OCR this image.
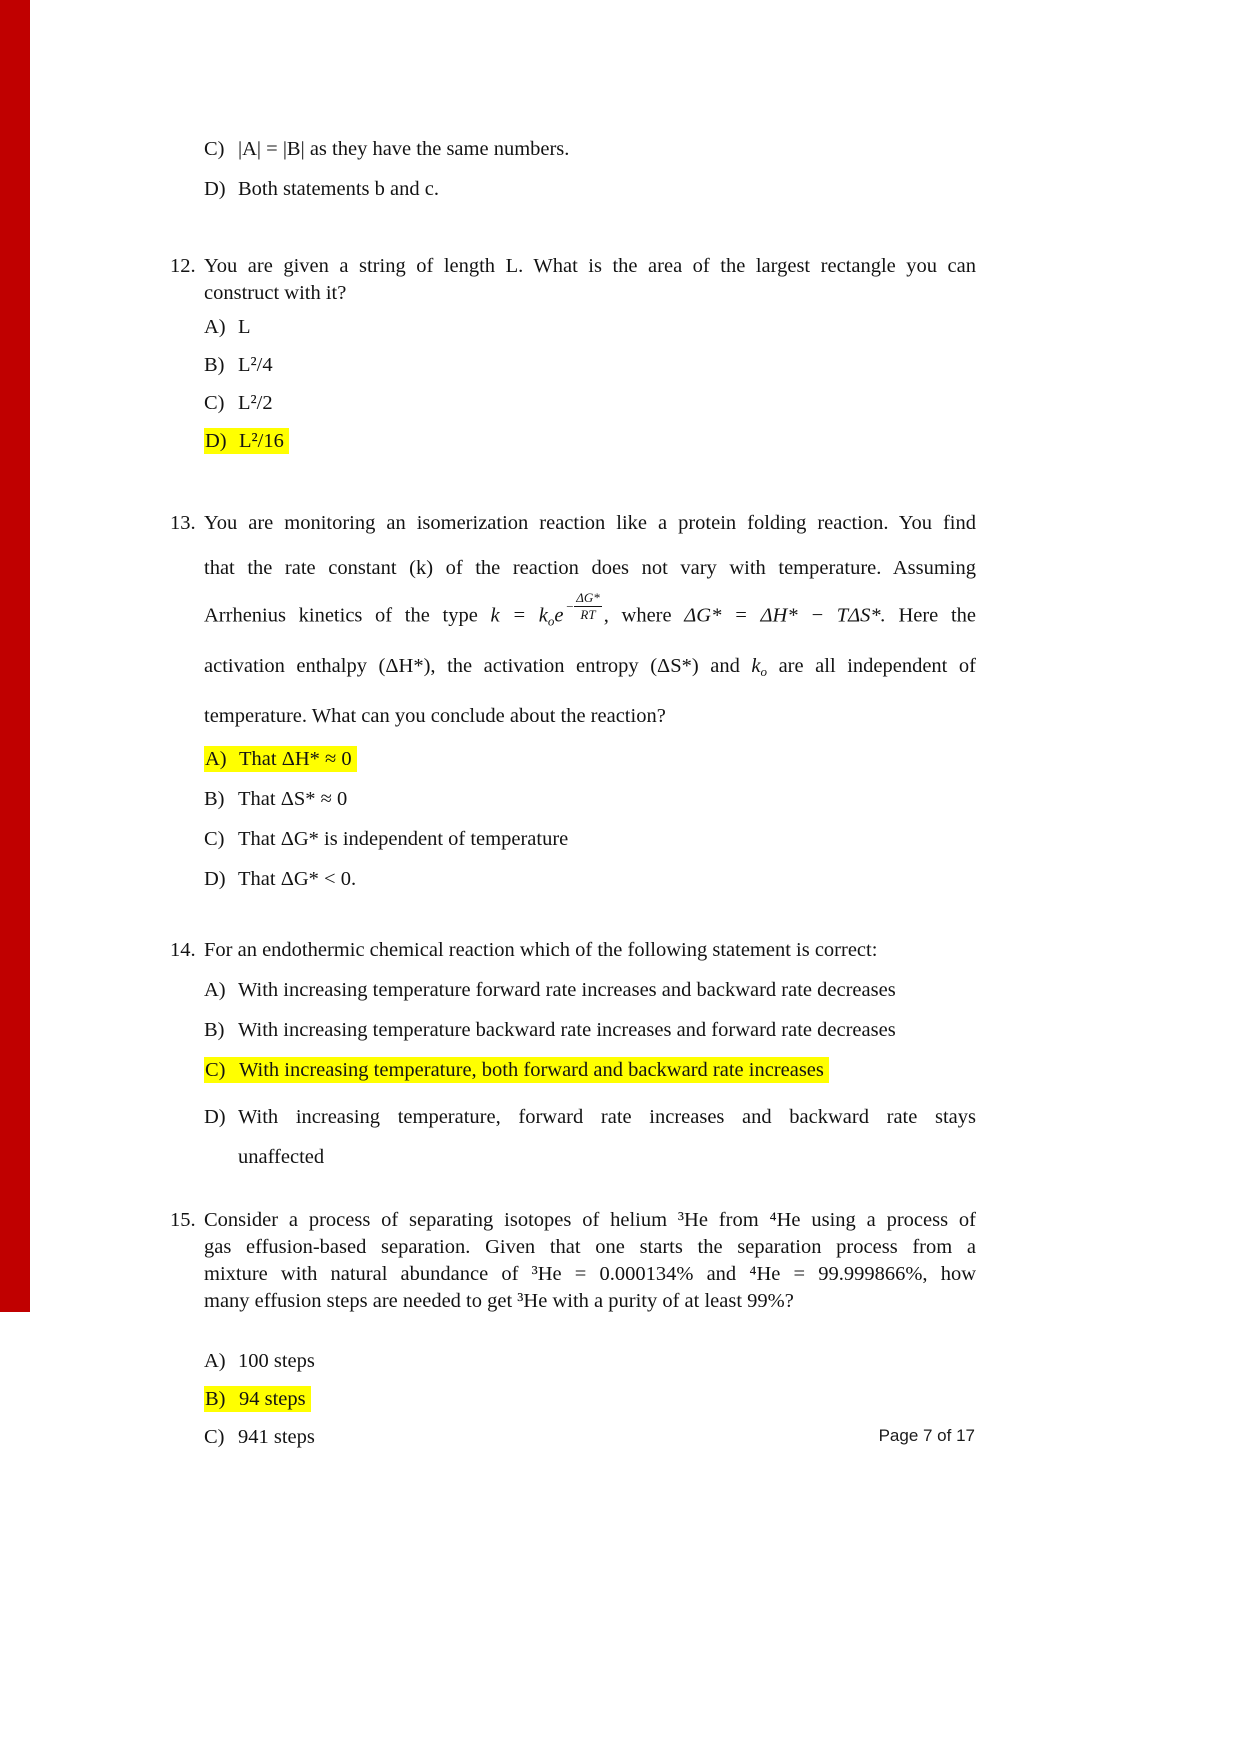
C) |A| = |B| as they have the same numbers.
D) Both statements b and c.
12. You are given a string of length L. What is the area of the largest rectangle you can
construct with it?
A) L
B) L²/4
C) L²/2
D) L²/16
13. You are monitoring an isomerization reaction like a protein folding reaction. You find
that the rate constant (k) of the reaction does not vary with temperature. Assuming
Arrhenius kinetics of the type $k = k_oe - \frac{\Delta G*}{RT}$ , where ΔG* = ΔH* − TΔS*. Here the
activation enthalpy (ΔH*), the activation entropy (ΔS*) and $k_o$ are all independent of
temperature. What can you conclude about the reaction?
A) That ΔH* ≈ 0
B) That ΔS* ≈ 0
C) That ΔG* is independent of temperature
D) That ΔG* < 0.
14. For an endothermic chemical reaction which of the following statement is correct:
A) With increasing temperature forward rate increases and backward rate decreases
B) With increasing temperature backward rate increases and forward rate decreases
C) With increasing temperature, both forward and backward rate increases
D) With increasing temperature, forward rate increases and backward rate stays
unaffected
15. Consider a process of separating isotopes of helium ³He from ⁴He using a process of
gas effusion-based separation. Given that one starts the separation process from a
mixture with natural abundance of ³He = 0.000134% and ⁴He = 99.999866%, how
many effusion steps are needed to get ³He with a purity of at least 99%?
A) 100 steps
B) 94 steps
C) 941 steps	Page 7 of 17
